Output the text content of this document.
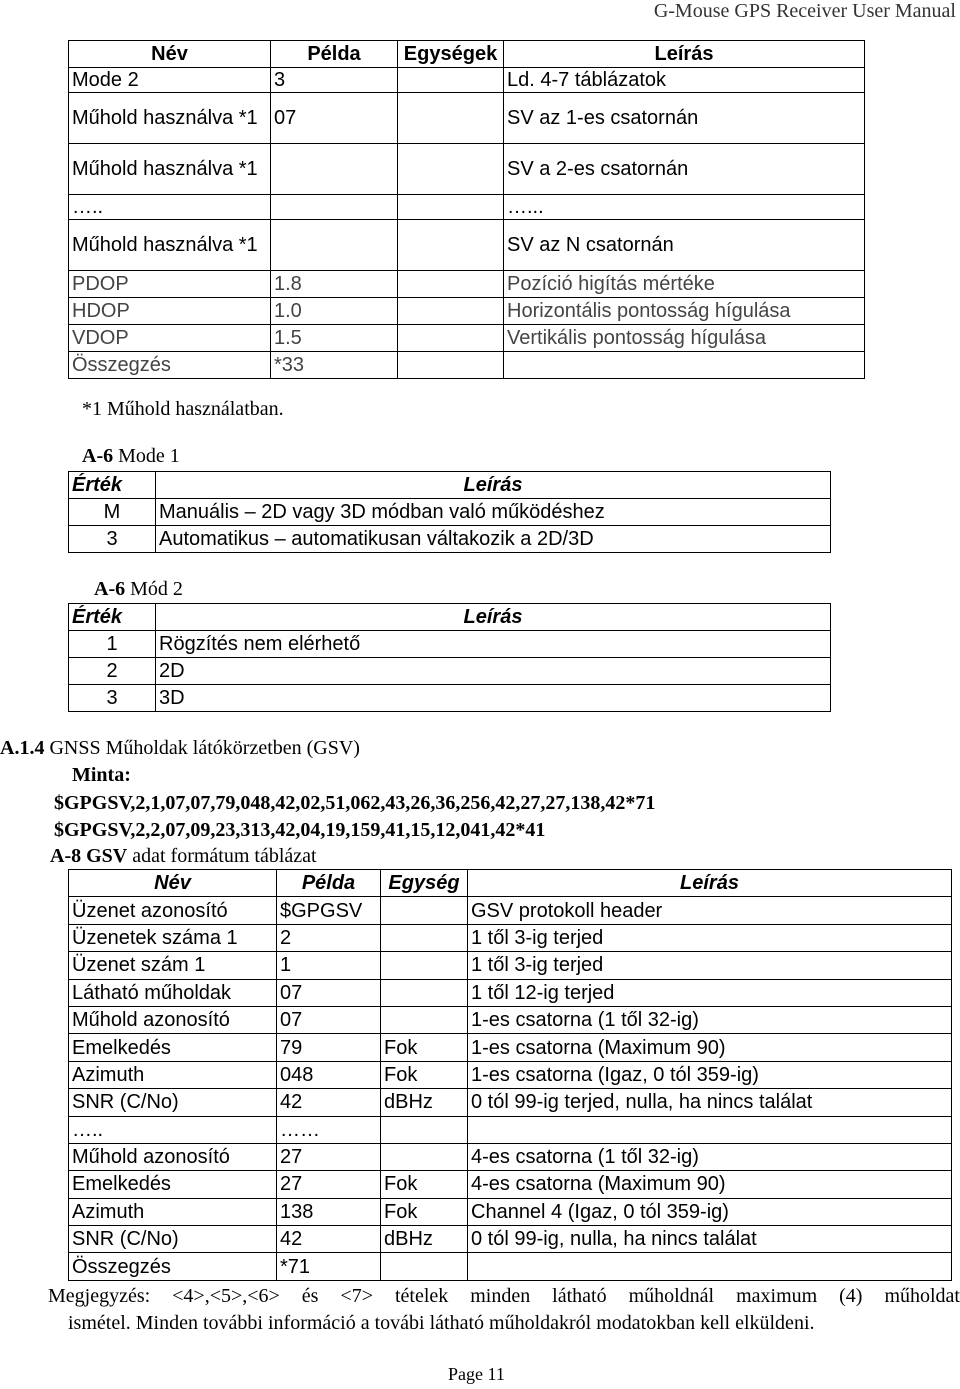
G-Mouse GPS Receiver User Manual
Név	Példa	Egységek	Leírás
Mode 2	3		Ld. 4-7 táblázatok
Műhold használva *1	07		SV az 1-es csatornán
Műhold használva *1			SV a 2-es csatornán
…..			…...
Műhold használva *1			SV az N csatornán
PDOP	1.8		Pozíció higítás mértéke
HDOP	1.0		Horizontális pontosság hígulása
VDOP	1.5		Vertikális pontosság hígulása
Összegzés	*33		
*1 Műhold használatban.
A-6 Mode 1
Érték	Leírás
M	Manuális – 2D vagy 3D módban való működéshez
3	Automatikus – automatikusan váltakozik a 2D/3D
A-6 Mód 2
Érték	Leírás
1	Rögzítés nem elérhető
2	2D
3	3D
A.1.4 GNSS Műholdak látókörzetben (GSV)
Minta:
$GPGSV,2,1,07,07,79,048,42,02,51,062,43,26,36,256,42,27,27,138,42*71
$GPGSV,2,2,07,09,23,313,42,04,19,159,41,15,12,041,42*41
A-8 GSV adat formátum táblázat
Név	Példa	Egység	Leírás
Üzenet azonosító	$GPGSV		GSV protokoll header
Üzenetek száma 1	2		1 től 3-ig terjed
Üzenet szám 1	1		1 től 3-ig terjed
Látható műholdak	07		1 től 12-ig terjed
Műhold azonosító	07		1-es csatorna (1 től 32-ig)
Emelkedés	79	Fok	1-es csatorna (Maximum 90)
Azimuth	048	Fok	1-es csatorna (Igaz, 0 tól 359-ig)
SNR (C/No)	42	dBHz	0 tól 99-ig terjed, nulla, ha nincs találat
…..	……		
Műhold azonosító	27		4-es csatorna (1 től 32-ig)
Emelkedés	27	Fok	4-es csatorna (Maximum 90)
Azimuth	138	Fok	Channel 4 (Igaz, 0 tól 359-ig)
SNR (C/No)	42	dBHz	0 tól 99-ig, nulla, ha nincs találat
Összegzés	*71		
Megjegyzés: <4>,<5>,<6> és <7> tételek minden látható műholdnál maximum (4) műholdat
ismétel. Minden további információ a továbi látható műholdakról modatokban kell elküldeni.
Page 11
